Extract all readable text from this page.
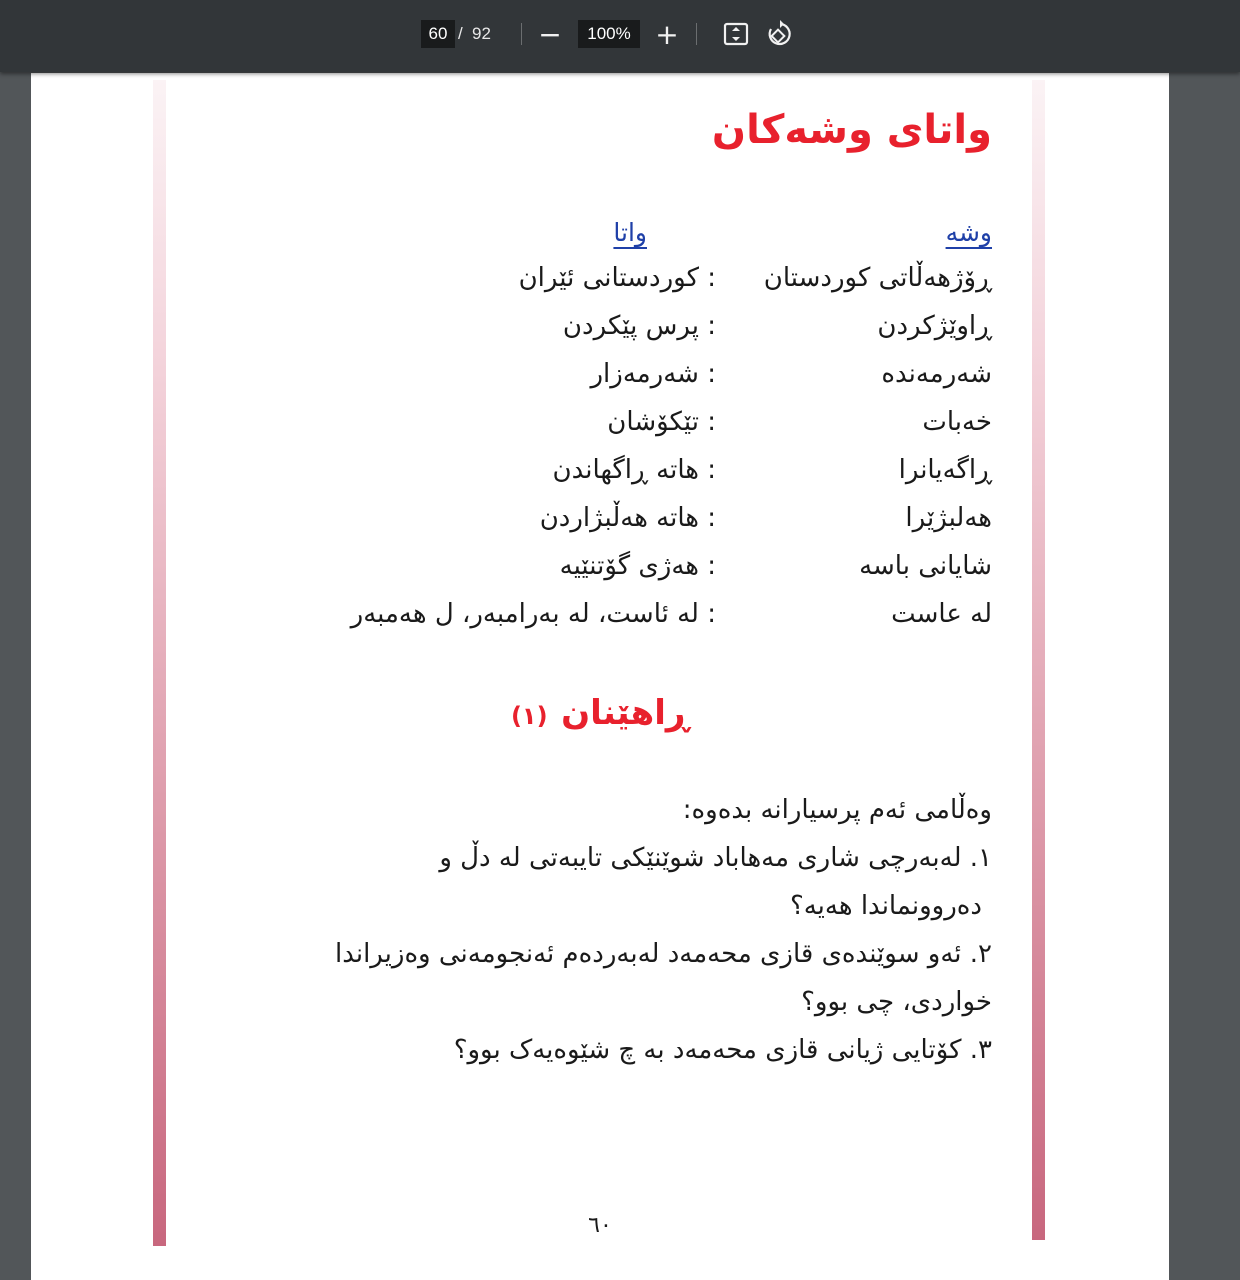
60 / 92 −	100% +
واتای وشەکان
وشە
واتا
ڕۆژهەڵاتی کوردستان
: کوردستانی ئێران
ڕاوێژکردن
: پرس پێکردن
شەرمەندە
: شەرمەزار
خەبات
: تێکۆشان
ڕاگەیانرا
: هاتە ڕاگهاندن
هەلبژێرا
: هاتە هەڵبژاردن
شایانی باسە
: هەژی گۆتنێیە
لە عاست
: لە ئاست، لە بەرامبەر، ل هەمبەر
ڕاهێنان (١)
وەڵامی ئەم پرسیارانە بدەوە:
١. لەبەرچی شاری مەهاباد شوێنێکی تایبەتی لە دڵ و
دەروونماندا هەیە؟
٢. ئەو سوێندەی قازی محەمەد لەبەردەم ئەنجومەنی وەزیراندا
خواردی، چی بوو؟
٣. کۆتایی ژیانی قازی محەمەد بە چ شێوەیەک بوو؟
٦٠
